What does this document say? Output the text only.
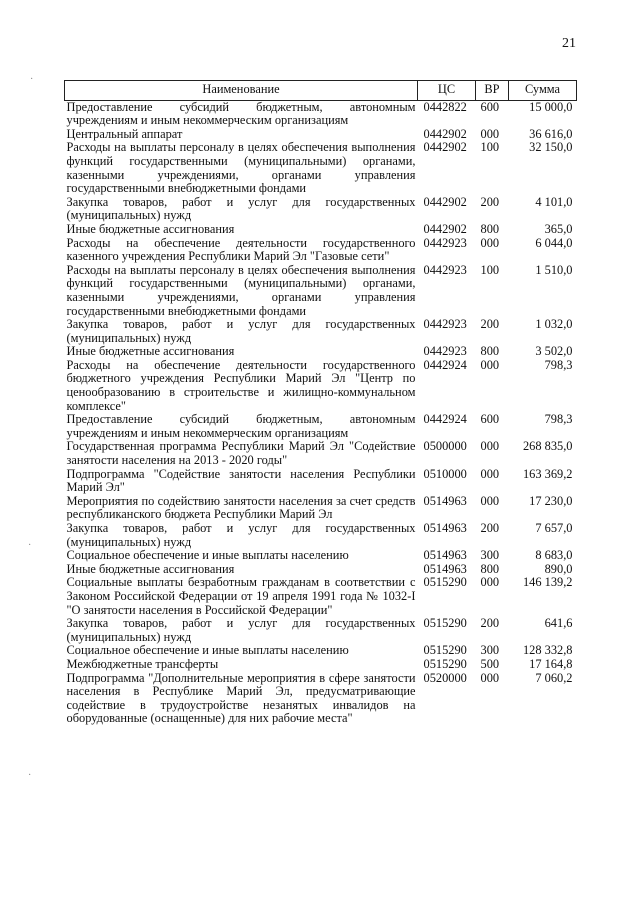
21
Наименование	ЦС	ВР	Сумма
Предоставление субсидий бюджетным, автономным учреждениям и иным некоммерческим организациям	0442822	600	15 000,0
Центральный аппарат	0442902	000	36 616,0
Расходы на выплаты персоналу в целях обеспечения выполнения функций государственными (муниципальными) органами, казенными учреждениями, органами управления государственными внебюджетными фондами	0442902	100	32 150,0
Закупка товаров, работ и услуг для государственных (муниципальных) нужд	0442902	200	4 101,0
Иные бюджетные ассигнования	0442902	800	365,0
Расходы на обеспечение деятельности государственного казенного учреждения Республики Марий Эл "Газовые сети"	0442923	000	6 044,0
Расходы на выплаты персоналу в целях обеспечения выполнения функций государственными (муниципальными) органами, казенными учреждениями, органами управления государственными внебюджетными фондами	0442923	100	1 510,0
Закупка товаров, работ и услуг для государственных (муниципальных) нужд	0442923	200	1 032,0
Иные бюджетные ассигнования	0442923	800	3 502,0
Расходы на обеспечение деятельности государственного бюджетного учреждения Республики Марий Эл "Центр по ценообразованию в строительстве и жилищно-коммунальном комплексе"	0442924	000	798,3
Предоставление субсидий бюджетным, автономным учреждениям и иным некоммерческим организациям	0442924	600	798,3
Государственная программа Республики Марий Эл "Содействие занятости населения на 2013 - 2020 годы"	0500000	000	268 835,0
Подпрограмма "Содействие занятости населения Республики Марий Эл"	0510000	000	163 369,2
Мероприятия по содействию занятости населения за счет средств республиканского бюджета Республики Марий Эл	0514963	000	17 230,0
Закупка товаров, работ и услуг для государственных (муниципальных) нужд	0514963	200	7 657,0
Социальное обеспечение и иные выплаты населению	0514963	300	8 683,0
Иные бюджетные ассигнования	0514963	800	890,0
Социальные выплаты безработным гражданам в соответствии с Законом Российской Федерации от 19 апреля 1991 года № 1032-I "О занятости населения в Российской Федерации"	0515290	000	146 139,2
Закупка товаров, работ и услуг для государственных (муниципальных) нужд	0515290	200	641,6
Социальное обеспечение и иные выплаты населению	0515290	300	128 332,8
Межбюджетные трансферты	0515290	500	17 164,8
Подпрограмма "Дополнительные мероприятия в сфере занятости населения в Республике Марий Эл, предусматривающие содействие в трудоустройстве незанятых инвалидов на оборудованные (оснащенные) для них рабочие места"	0520000	000	7 060,2
·
·
·
